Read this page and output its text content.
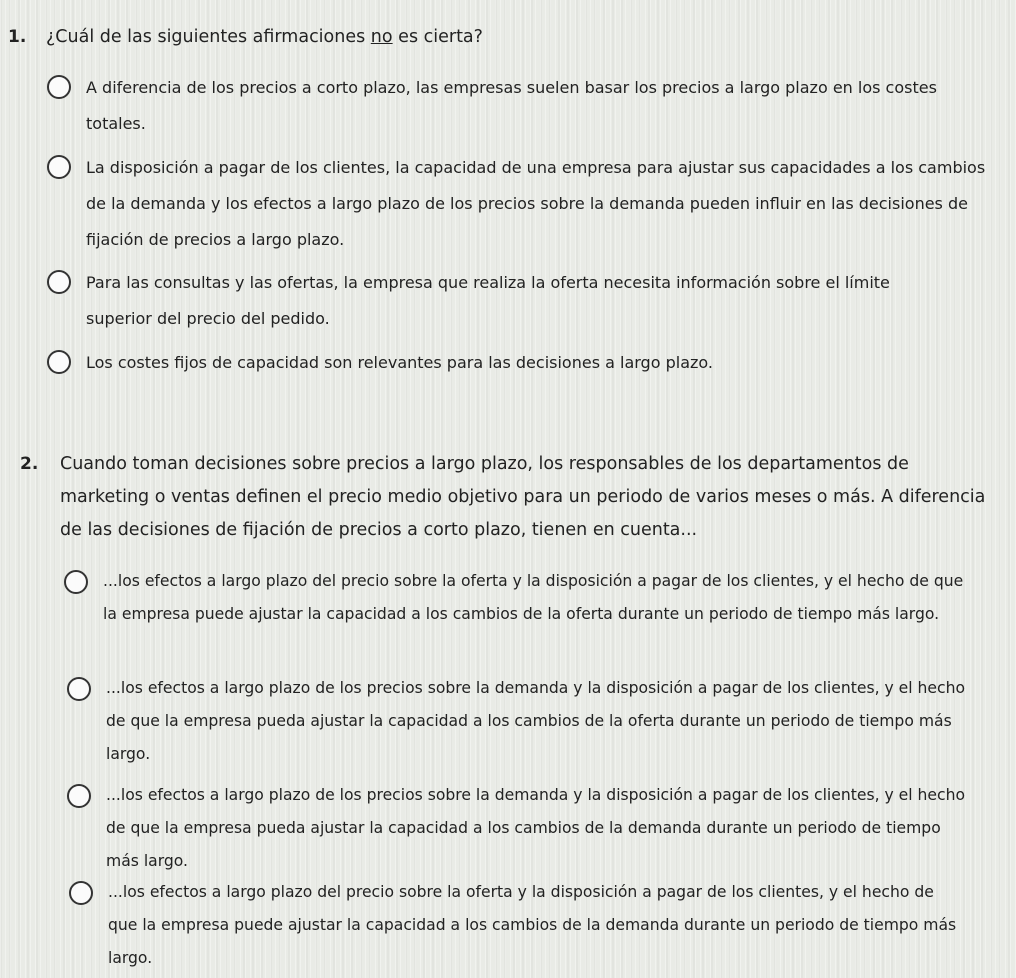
1. ¿Cuál de las siguientes afirmaciones no es cierta?
A diferencia de los precios a corto plazo, las empresas suelen basar los precios a largo plazo en los costes totales.
La disposición a pagar de los clientes, la capacidad de una empresa para ajustar sus capacidades a los cambios de la demanda y los efectos a largo plazo de los precios sobre la demanda pueden influir en las decisiones de fijación de precios a largo plazo.
Para las consultas y las ofertas, la empresa que realiza la oferta necesita información sobre el límite superior del precio del pedido.
Los costes fijos de capacidad son relevantes para las decisiones a largo plazo.
2. Cuando toman decisiones sobre precios a largo plazo, los responsables de los departamentos de marketing o ventas definen el precio medio objetivo para un periodo de varios meses o más. A diferencia de las decisiones de fijación de precios a corto plazo, tienen en cuenta...
...los efectos a largo plazo del precio sobre la oferta y la disposición a pagar de los clientes, y el hecho de que la empresa puede ajustar la capacidad a los cambios de la oferta durante un periodo de tiempo más largo.
...los efectos a largo plazo de los precios sobre la demanda y la disposición a pagar de los clientes, y el hecho de que la empresa pueda ajustar la capacidad a los cambios de la oferta durante un periodo de tiempo más largo.
...los efectos a largo plazo de los precios sobre la demanda y la disposición a pagar de los clientes, y el hecho de que la empresa pueda ajustar la capacidad a los cambios de la demanda durante un periodo de tiempo más largo.
...los efectos a largo plazo del precio sobre la oferta y la disposición a pagar de los clientes, y el hecho de que la empresa puede ajustar la capacidad a los cambios de la demanda durante un periodo de tiempo más largo.
